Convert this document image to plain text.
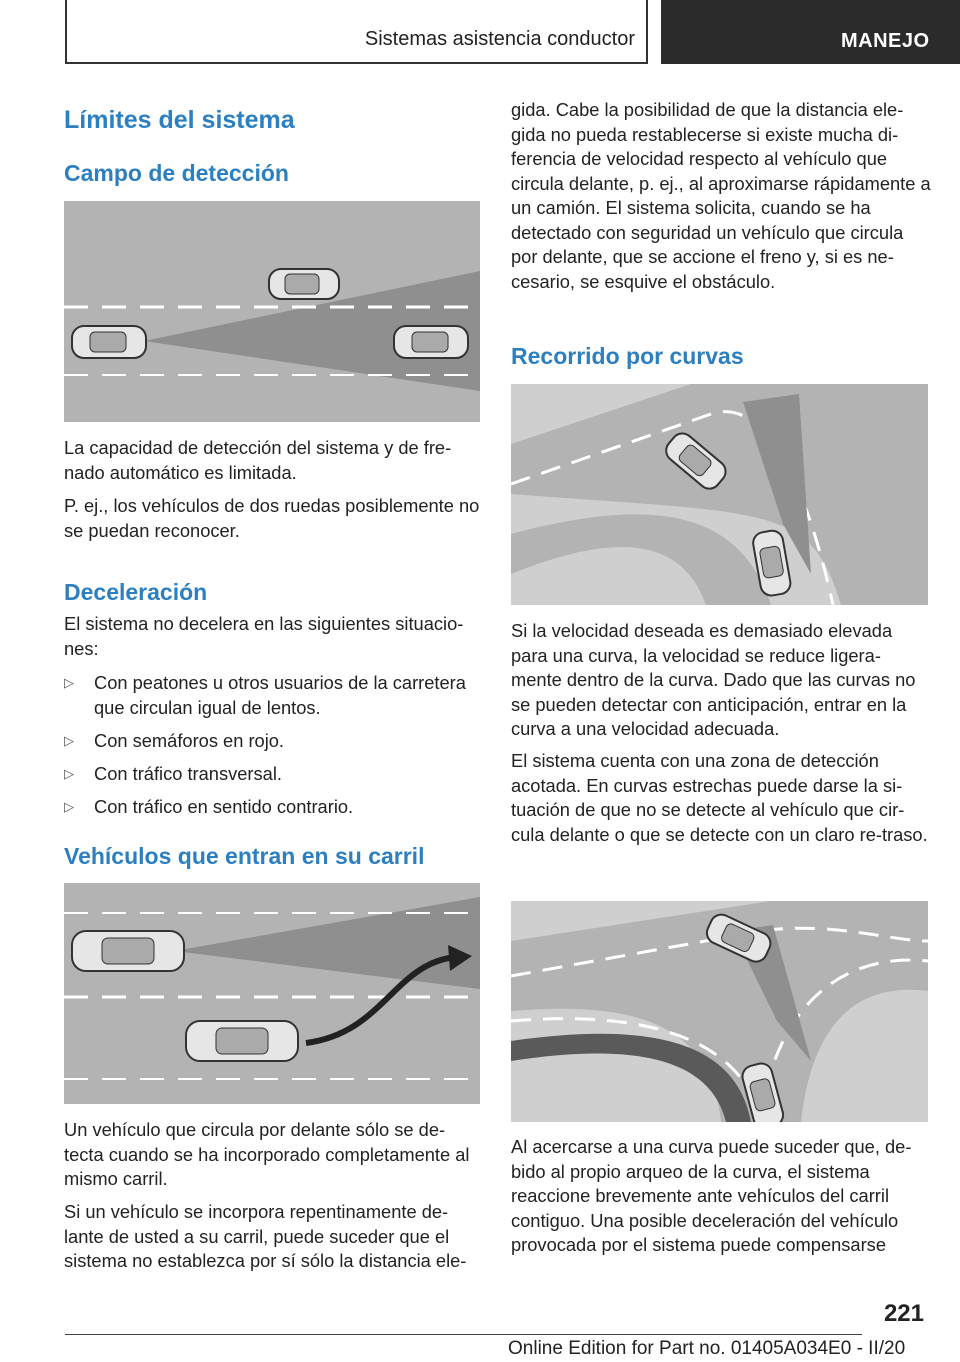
Sistemas asistencia conductor	MANEJO
Límites del sistema
Campo de detección

La capacidad de detección del sistema y de fre-nado automático es limitada.

P. ej., los vehículos de dos ruedas posiblemente no se puedan reconocer.

Deceleración

El sistema no decelera en las siguientes situacio-nes:

▷ Con peatones u otros usuarios de la carretera que circulan igual de lentos.
▷ Con semáforos en rojo.
▷ Con tráfico transversal.
▷ Con tráfico en sentido contrario.
Vehículos que entran en su carril

Un vehículo que circula por delante sólo se de-tecta cuando se ha incorporado completamente al mismo carril.

Si un vehículo se incorpora repentinamente de-lante de usted a su carril, puede suceder que el sistema no establezca por sí sólo la distancia ele-

gida. Cabe la posibilidad de que la distancia ele-gida no pueda restablecerse si existe mucha di-ferencia de velocidad respecto al vehículo que circula delante, p. ej., al aproximarse rápidamente a un camión. El sistema solicita, cuando se ha detectado con seguridad un vehículo que circula por delante, que se accione el freno y, si es ne-cesario, se esquive el obstáculo.

Recorrido por curvas

Si la velocidad deseada es demasiado elevada para una curva, la velocidad se reduce ligera-mente dentro de la curva. Dado que las curvas no se pueden detectar con anticipación, entrar en la curva a una velocidad adecuada.

El sistema cuenta con una zona de detección acotada. En curvas estrechas puede darse la si-tuación de que no se detecte al vehículo que cir-cula delante o que se detecte con un claro re-traso.

Al acercarse a una curva puede suceder que, de-bido al propio arqueo de la curva, el sistema reaccione brevemente ante vehículos del carril contiguo. Una posible deceleración del vehículo provocada por el sistema puede compensarse

221
Online Edition for Part no. 01405A034E0 - II/20
